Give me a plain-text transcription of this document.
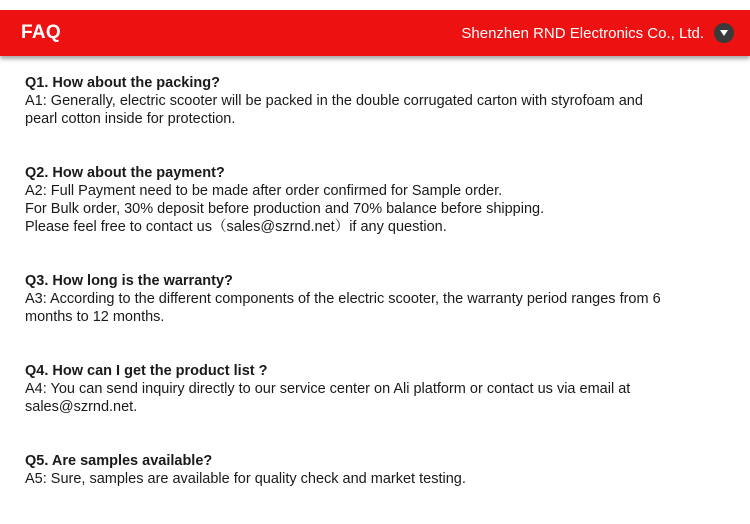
FAQ	Shenzhen RND Electronics Co., Ltd.
Q1. How about the packing?
A1: Generally, electric scooter will be packed in the double corrugated carton with styrofoam and
pearl cotton inside for protection.
Q2. How about the payment?
A2: Full Payment need to be made after order confirmed for Sample order.
For Bulk order, 30% deposit before production and 70% balance before shipping.
Please feel free to contact us（sales@szrnd.net）if any question.
Q3. How long is the warranty?
A3: According to the different components of the electric scooter, the warranty period ranges from 6
months to 12 months.
Q4. How can I get the product list ?
A4: You can send inquiry directly to our service center on Ali platform or contact us via email at
sales@szrnd.net.
Q5. Are samples available?
A5: Sure, samples are available for quality check and market testing.
